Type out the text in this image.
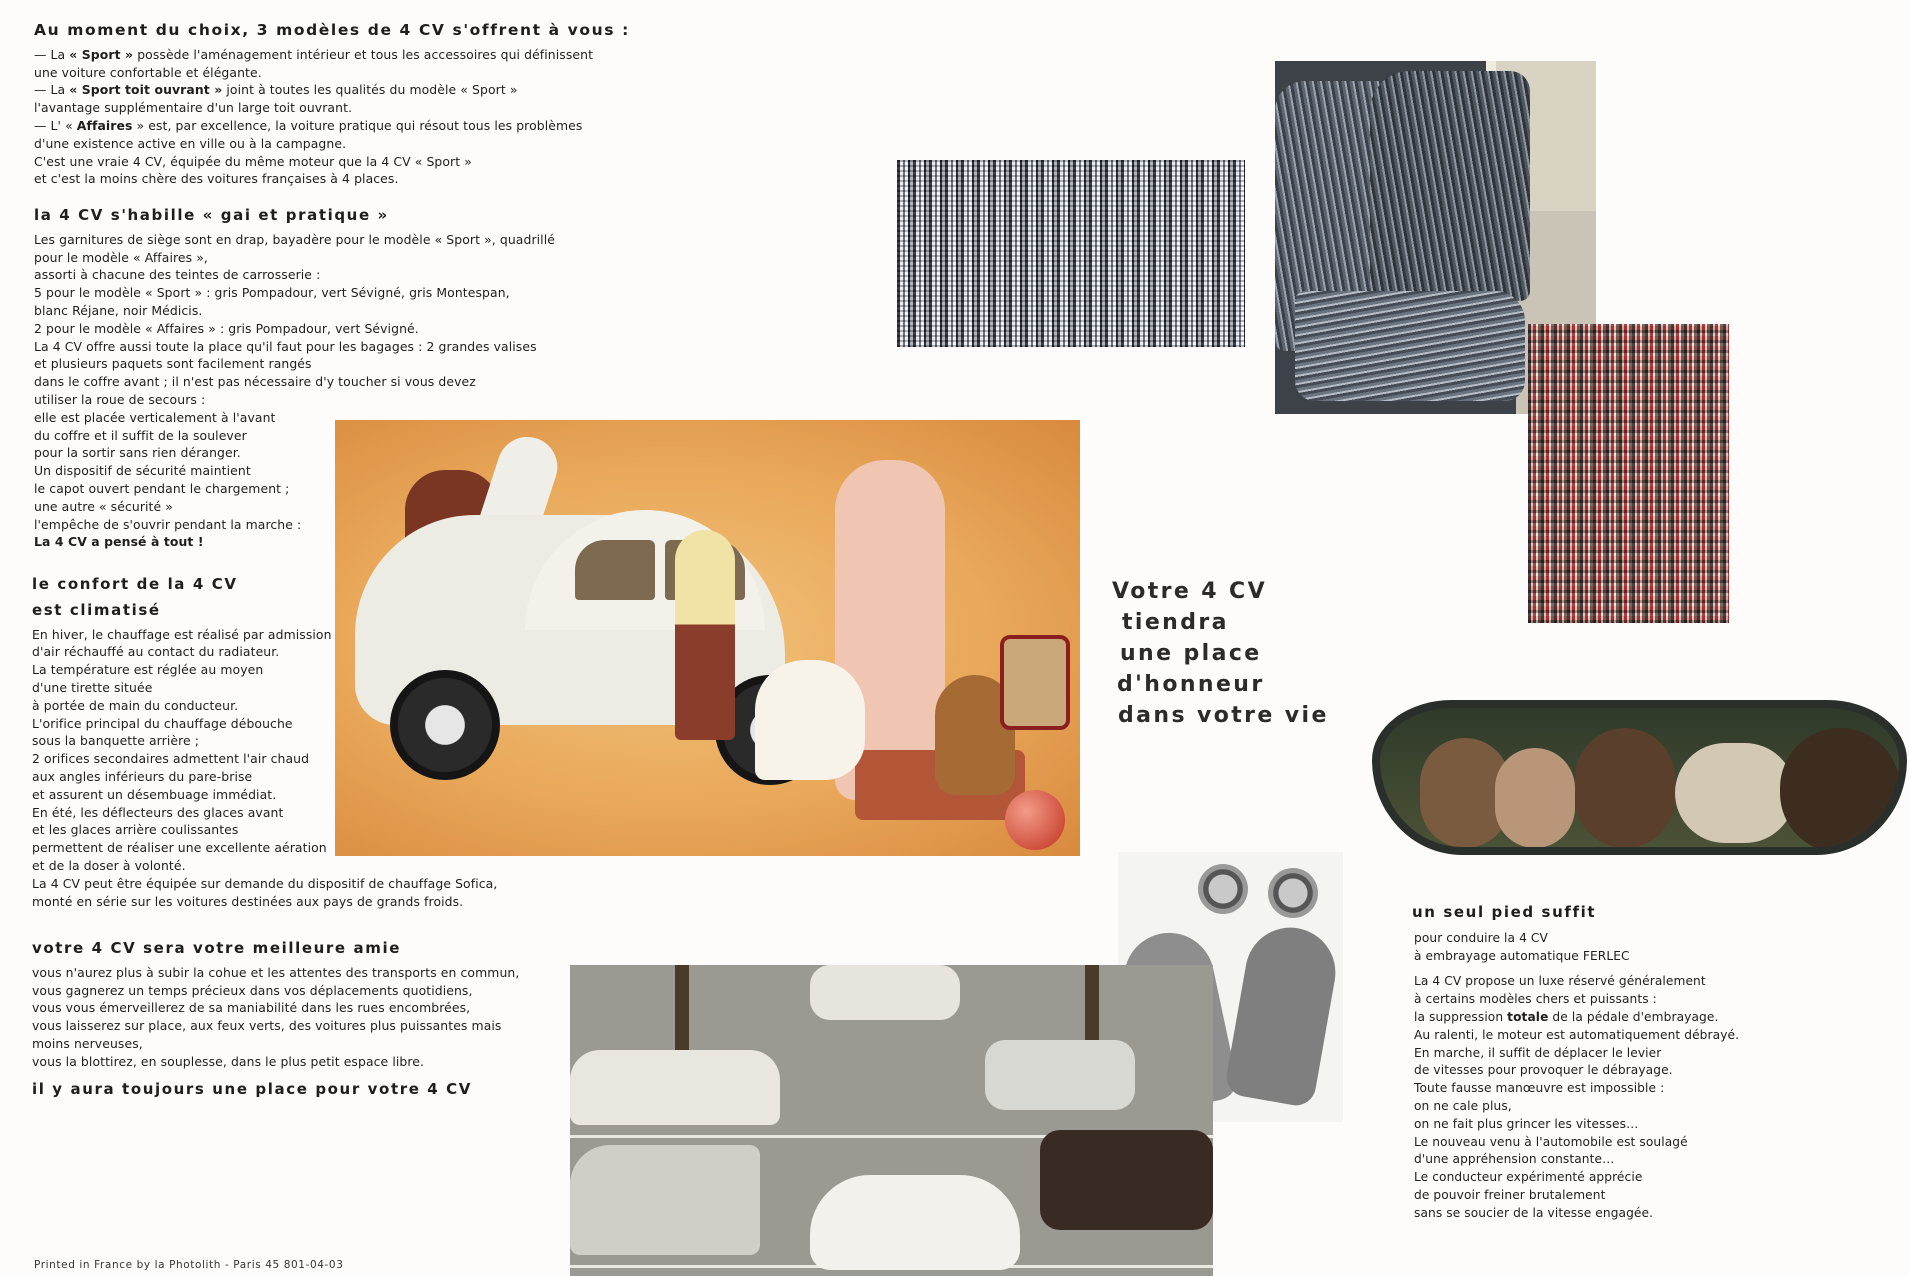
Au moment du choix, 3 modèles de 4 CV s'offrent à vous :

— La « Sport » possède l'aménagement intérieur et tous les accessoires qui définissent

une voiture confortable et élégante.

— La « Sport toit ouvrant » joint à toutes les qualités du modèle « Sport »

l'avantage supplémentaire d'un large toit ouvrant.

— L' « Affaires » est, par excellence, la voiture pratique qui résout tous les problèmes

d'une existence active en ville ou à la campagne.

C'est une vraie 4 CV, équipée du même moteur que la 4 CV « Sport »

et c'est la moins chère des voitures françaises à 4 places.

la 4 CV s'habille « gai et pratique »

Les garnitures de siège sont en drap, bayadère pour le modèle « Sport », quadrillé

pour le modèle « Affaires »,

assorti à chacune des teintes de carrosserie :

5 pour le modèle « Sport » : gris Pompadour, vert Sévigné, gris Montespan,

blanc Réjane, noir Médicis.

2 pour le modèle « Affaires » : gris Pompadour, vert Sévigné.

La 4 CV offre aussi toute la place qu'il faut pour les bagages : 2 grandes valises

et plusieurs paquets sont facilement rangés

dans le coffre avant ; il n'est pas nécessaire d'y toucher si vous devez

utiliser la roue de secours :

elle est placée verticalement à l'avant

du coffre et il suffit de la soulever

pour la sortir sans rien déranger.

Un dispositif de sécurité maintient

le capot ouvert pendant le chargement ;

une autre « sécurité »

l'empêche de s'ouvrir pendant la marche :

La 4 CV a pensé à tout !

le confort de la 4 CV

est climatisé

En hiver, le chauffage est réalisé par admission

d'air réchauffé au contact du radiateur.

La température est réglée au moyen

d'une tirette située

à portée de main du conducteur.

L'orifice principal du chauffage débouche

sous la banquette arrière ;

2 orifices secondaires admettent l'air chaud

aux angles inférieurs du pare-brise

et assurent un désembuage immédiat.

En été, les déflecteurs des glaces avant

et les glaces arrière coulissantes

permettent de réaliser une excellente aération

et de la doser à volonté.

La 4 CV peut être équipée sur demande du dispositif de chauffage Sofica,

monté en série sur les voitures destinées aux pays de grands froids.

votre 4 CV sera votre meilleure amie

vous n'aurez plus à subir la cohue et les attentes des transports en commun,

vous gagnerez un temps précieux dans vos déplacements quotidiens,

vous vous émerveillerez de sa maniabilité dans les rues encombrées,

vous laisserez sur place, aux feux verts, des voitures plus puissantes mais

moins nerveuses,

vous la blottirez, en souplesse, dans le plus petit espace libre.

il y aura toujours une place pour votre 4 CV

Votre 4 CV

tiendra

une place

d'honneur

dans votre vie

un seul pied suffit

pour conduire la 4 CV

à embrayage automatique FERLEC

La 4 CV propose un luxe réservé généralement

à certains modèles chers et puissants :

la suppression totale de la pédale d'embrayage.

Au ralenti, le moteur est automatiquement débrayé.

En marche, il suffit de déplacer le levier

de vitesses pour provoquer le débrayage.

Toute fausse manœuvre est impossible :

on ne cale plus,

on ne fait plus grincer les vitesses…

Le nouveau venu à l'automobile est soulagé

d'une appréhension constante…

Le conducteur expérimenté apprécie

de pouvoir freiner brutalement

sans se soucier de la vitesse engagée.

Printed in France by la Photolith - Paris 45 801-04-03
